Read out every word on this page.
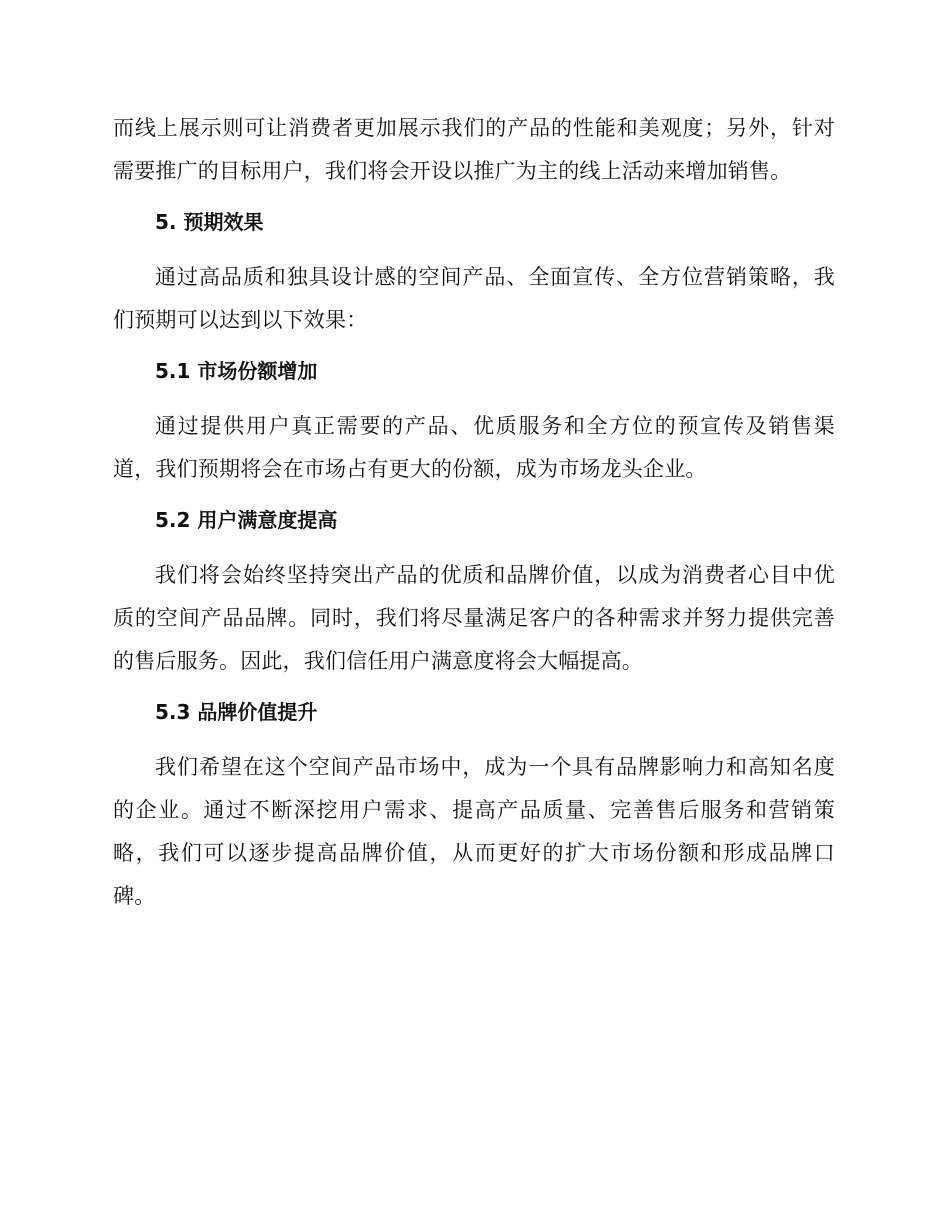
而线上展示则可让消费者更加展示我们的产品的性能和美观度；另外，针对
需要推广的目标用户，我们将会开设以推广为主的线上活动来增加销售。
5. 预期效果
通过高品质和独具设计感的空间产品、全面宣传、全方位营销策略，我
们预期可以达到以下效果：
5.1 市场份额增加
通过提供用户真正需要的产品、优质服务和全方位的预宣传及销售渠
道，我们预期将会在市场占有更大的份额，成为市场龙头企业。
5.2 用户满意度提高
我们将会始终坚持突出产品的优质和品牌价值，以成为消费者心目中优
质的空间产品品牌。同时，我们将尽量满足客户的各种需求并努力提供完善
的售后服务。因此，我们信任用户满意度将会大幅提高。
5.3 品牌价值提升
我们希望在这个空间产品市场中，成为一个具有品牌影响力和高知名度
的企业。通过不断深挖用户需求、提高产品质量、完善售后服务和营销策
略，我们可以逐步提高品牌价值，从而更好的扩大市场份额和形成品牌口
碑。
